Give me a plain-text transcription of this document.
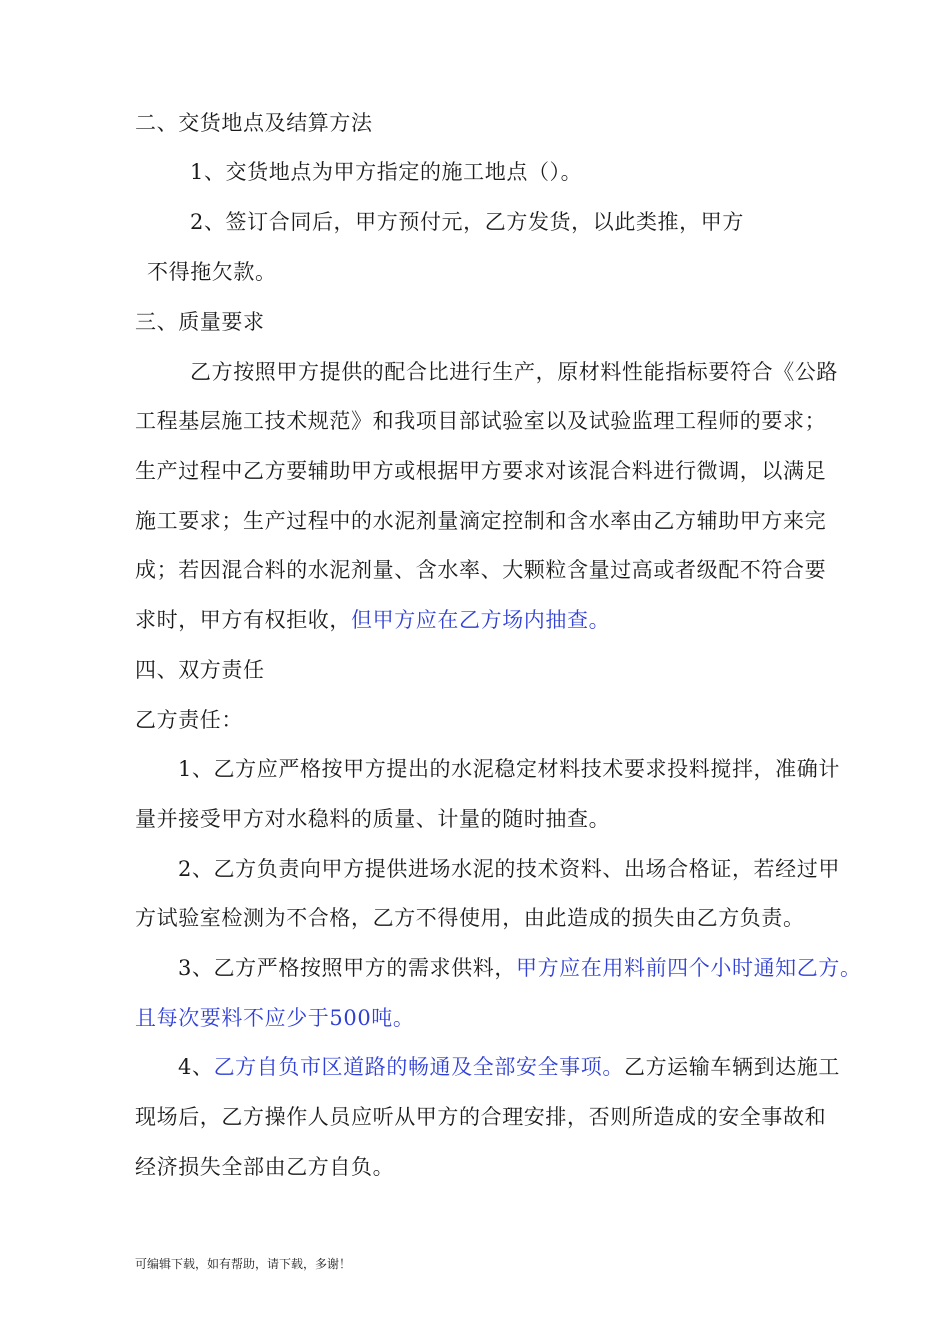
二、交货地点及结算方法
1、交货地点为甲方指定的施工地点（）。
2、签订合同后，甲方预付元，乙方发货，以此类推，甲方
不得拖欠款。
三、质量要求
乙方按照甲方提供的配合比进行生产，原材料性能指标要符合《公路
工程基层施工技术规范》和我项目部试验室以及试验监理工程师的要求；
生产过程中乙方要辅助甲方或根据甲方要求对该混合料进行微调，以满足
施工要求；生产过程中的水泥剂量滴定控制和含水率由乙方辅助甲方来完
成；若因混合料的水泥剂量、含水率、大颗粒含量过高或者级配不符合要
求时，甲方有权拒收，但甲方应在乙方场内抽查。
四、双方责任
乙方责任：
1、乙方应严格按甲方提出的水泥稳定材料技术要求投料搅拌，准确计
量并接受甲方对水稳料的质量、计量的随时抽查。
2、乙方负责向甲方提供进场水泥的技术资料、出场合格证，若经过甲
方试验室检测为不合格，乙方不得使用，由此造成的损失由乙方负责。
3、乙方严格按照甲方的需求供料，甲方应在用料前四个小时通知乙方。
且每次要料不应少于500吨。
4、乙方自负市区道路的畅通及全部安全事项。乙方运输车辆到达施工
现场后，乙方操作人员应听从甲方的合理安排，否则所造成的安全事故和
经济损失全部由乙方自负。
可编辑下载，如有帮助，请下载，多谢！
